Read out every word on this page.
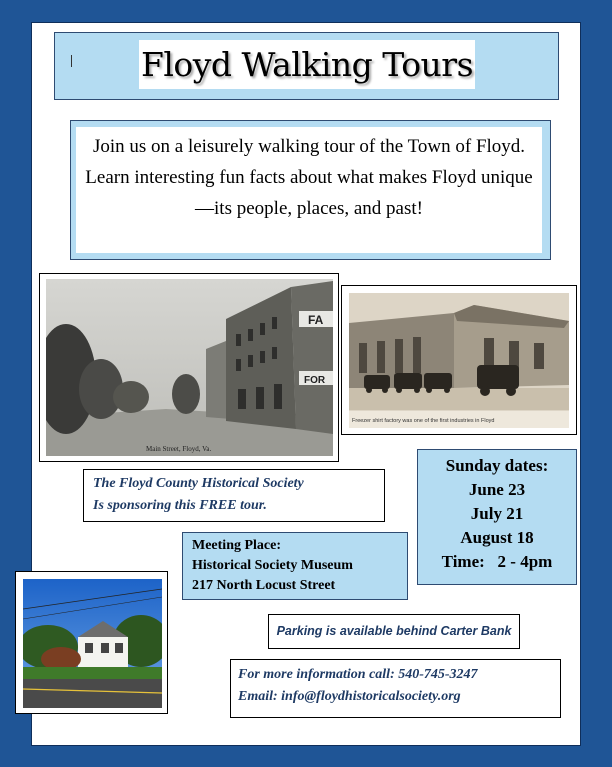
Floyd Walking Tours
Join us on a leisurely walking tour of the Town of Floyd. Learn interesting fun facts about what makes Floyd unique—its people, places, and past!
FA
FOR
Main Street, Floyd, Va.
Freezer shirt factory was one of the first industries in Floyd
The Floyd County Historical Society
Is sponsoring this FREE tour.
Sunday dates:
June 23
July 21
August 18
Time:   2 - 4pm
Meeting Place:
Historical Society Museum
217 North Locust Street
Parking is available behind Carter Bank
For more information call: 540-745-3247
Email: info@floydhistoricalsociety.org
